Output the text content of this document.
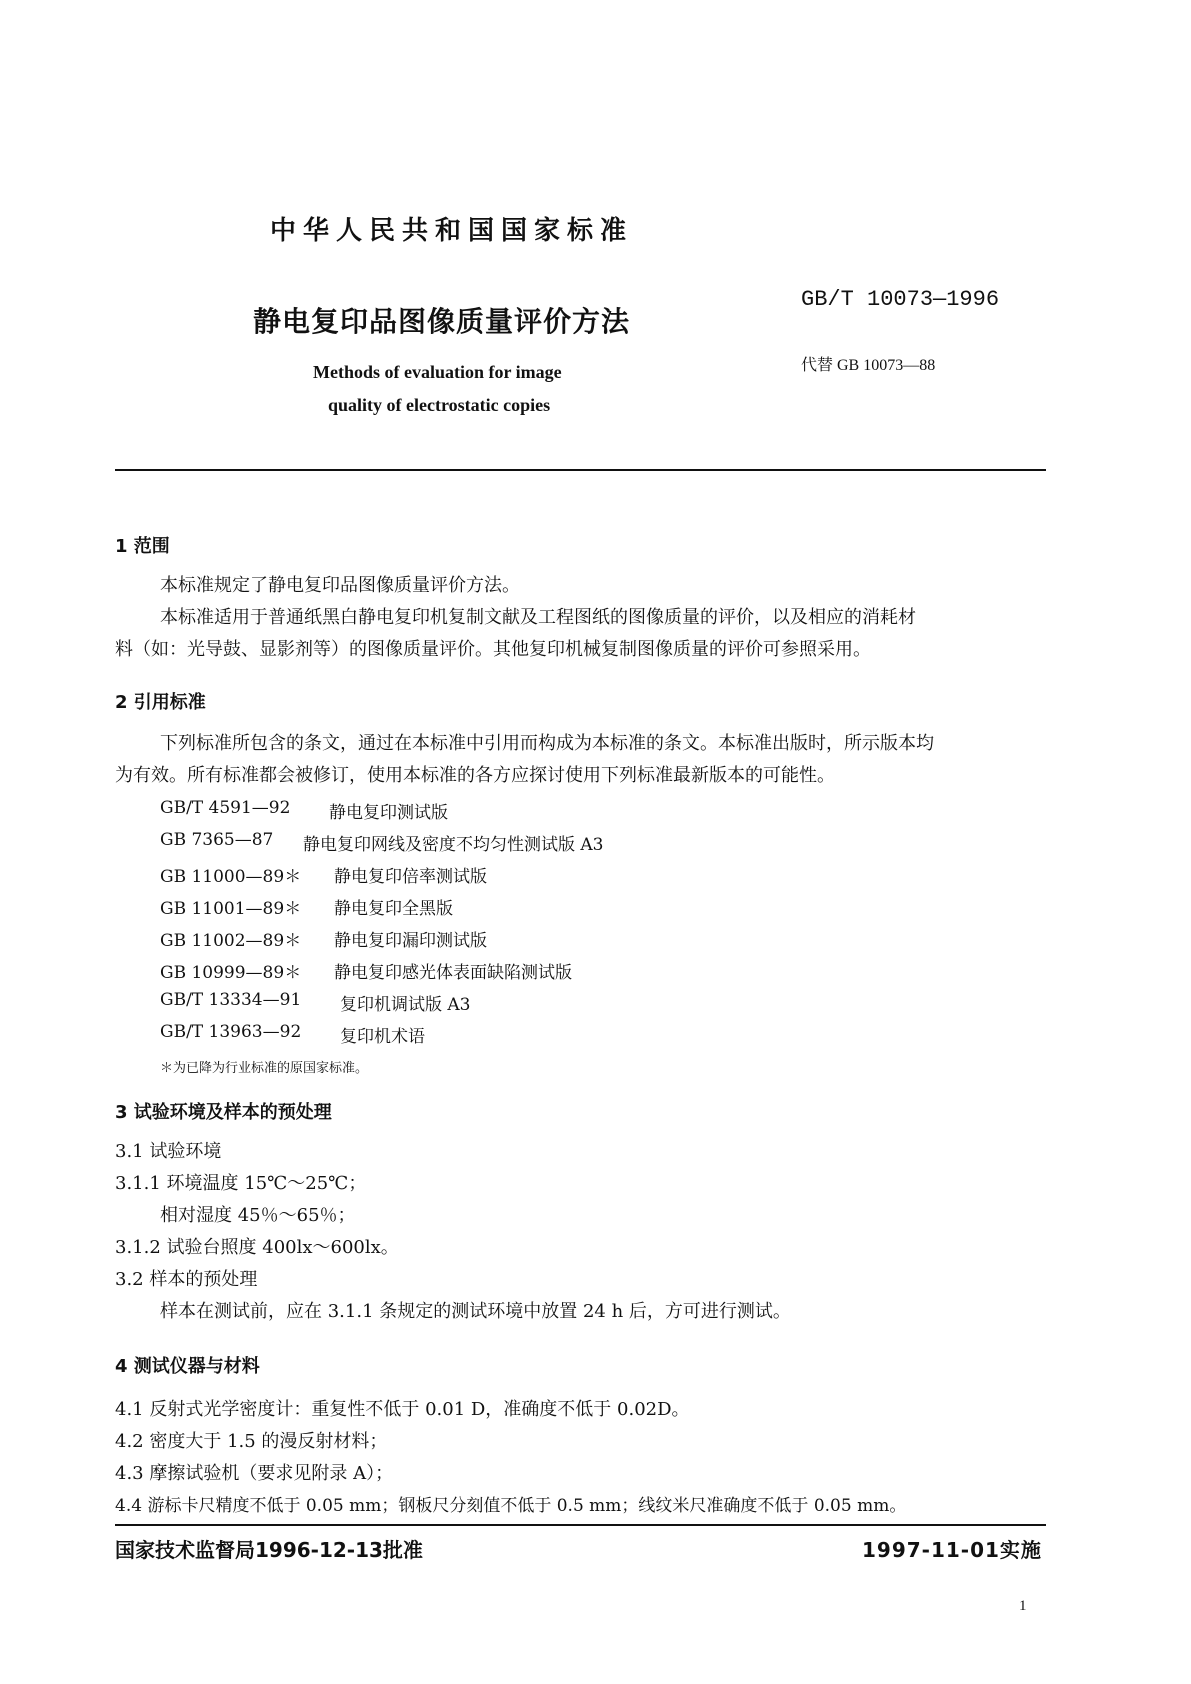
中华人民共和国国家标准
静电复印品图像质量评价方法
GB/T 10073—1996
代替 GB 10073—88
Methods of evaluation for image
quality of electrostatic copies
1 范围
本标准规定了静电复印品图像质量评价方法。
本标准适用于普通纸黑白静电复印机复制文献及工程图纸的图像质量的评价，以及相应的消耗材
料（如：光导鼓、显影剂等）的图像质量评价。其他复印机械复制图像质量的评价可参照采用。
2 引用标准
下列标准所包含的条文，通过在本标准中引用而构成为本标准的条文。本标准出版时，所示版本均
为有效。所有标准都会被修订，使用本标准的各方应探讨使用下列标准最新版本的可能性。
GB/T 4591—92 静电复印测试版
GB 7365—87 静电复印网线及密度不均匀性测试版 A3
GB 11000—89＊ 静电复印倍率测试版
GB 11001—89＊ 静电复印全黑版
GB 11002—89＊ 静电复印漏印测试版
GB 10999—89＊ 静电复印感光体表面缺陷测试版
GB/T 13334—91 复印机调试版 A3
GB/T 13963—92 复印机术语
＊为已降为行业标准的原国家标准。
3 试验环境及样本的预处理
3.1 试验环境
3.1.1 环境温度 15℃～25℃；
相对湿度 45％～65％；
3.1.2 试验台照度 400lx～600lx。
3.2 样本的预处理
样本在测试前，应在 3.1.1 条规定的测试环境中放置 24 h 后，方可进行测试。
4 测试仪器与材料
4.1 反射式光学密度计：重复性不低于 0.01 D，准确度不低于 0.02D。
4.2 密度大于 1.5 的漫反射材料；
4.3 摩擦试验机（要求见附录 A）；
4.4 游标卡尺精度不低于 0.05 mm；钢板尺分刻值不低于 0.5 mm；线纹米尺准确度不低于 0.05 mm。
国家技术监督局1996-12-13批准	1997-11-01实施
1
